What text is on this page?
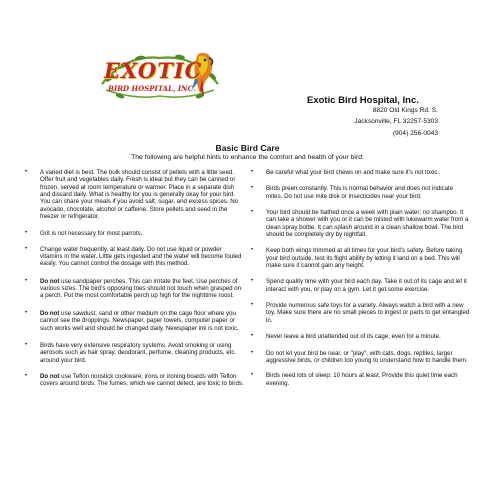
EXOTIC
BIRD HOSPITAL, INC.
Exotic Bird Hospital, Inc.
8820 Old Kings Rd. S.
Jacksonville, FL 32257-5303
(904) 256-0043
Basic Bird Care
The following are helpful hints to enhance the comfort and health of your bird:
• A varied diet is best. The bulk should consist of pellets with a little seed. Offer fruit and vegetables daily. Fresh is ideal but they can be canned or frozen, served at room temperature or warmer. Place in a separate dish and discard daily. What is healthy for you is generally okay for your bird. You can share your meals if you avoid salt, sugar, and excess spices. No avocado, chocolate, alcohol or caffeine. Store pellets and seed in the freezer or refrigerator.
• Grit is not necessary for most parrots.
• Change water frequently, at least daily. Do not use liquid or powder vitamins in the water. Little gets ingested and the water will become fouled easily. You cannot control the dosage with this method.
• Do not use sandpaper perches. This can irritate the feet. Use perches of various sizes. The bird's opposing toes should not touch when grasped on a perch. Put the most comfortable perch up high for the nighttime roost.
• Do not use sawdust, sand or other medium on the cage floor where you cannot see the droppings. Newspaper, paper towels, computer paper or such works well and should be changed daily. Newspaper ink is not toxic.
• Birds have very extensive respiratory systems. Avoid smoking or using aerosols such as hair spray, deodorant, perfume, cleaning products, etc. around your bird.
• Do not use Teflon nonstick cookware, irons or ironing boards with Teflon covers around birds. The fumes, which we cannot detect, are toxic to birds.
• Be careful what your bird chews on and make sure it's not toxic.
• Birds preen constantly. This is normal behavior and does not indicate mites. Do not use mite disk or insecticides near your bird.
• Your bird should be bathed once a week with plain water; no shampoo. It can take a shower with you or it can be misted with lukewarm water from a clean spray bottle. It can splash around in a clean shallow bowl. The bird should be completely dry by nightfall.
• Keep both wings trimmed at all times for your bird's safety. Before taking your bird outside, test its flight ability by letting it land on a bed. This will make sure it cannot gain any height.
• Spend quality time with your bird each day. Take it out of its cage and let it interact with you, or play on a gym. Let it get some exercise.
• Provide numerous safe toys for a variety. Always watch a bird with a new toy. Make sure there are no small pieces to ingest or parts to get entangled in.
• Never leave a bird unattended out of its cage, even for a minute.
• Do not let your bird be near, or "play", with cats, dogs, reptiles, larger aggressive birds, or children too young to understand how to handle them.
• Birds need lots of sleep; 10 hours at least. Provide this quiet time each evening.
